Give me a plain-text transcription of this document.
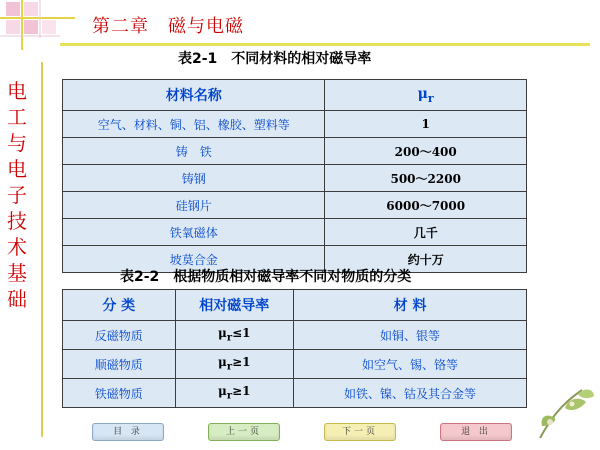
第二章　磁与电磁
电工与电子技术基础
表2-1　不同材料的相对磁导率
材料名称	$\mu_r$
空气、材料、铜、铝、橡胶、塑料等	1
铸　铁	200～400
铸钢	500～2200
硅钢片	6000～7000
铁氧磁体	几千
坡莫合金	约十万
表2-2　根据物质相对磁导率不同对物质的分类
分 类	相对磁导率	材 料
反磁物质	$\mu_r\le 1$	如铜、银等
顺磁物质	$\mu_r\ge 1$	如空气、锡、铬等
铁磁物质	$\mu_r\ge 1$	如铁、镍、钴及其合金等
目 录	上一页	下一页	退 出
